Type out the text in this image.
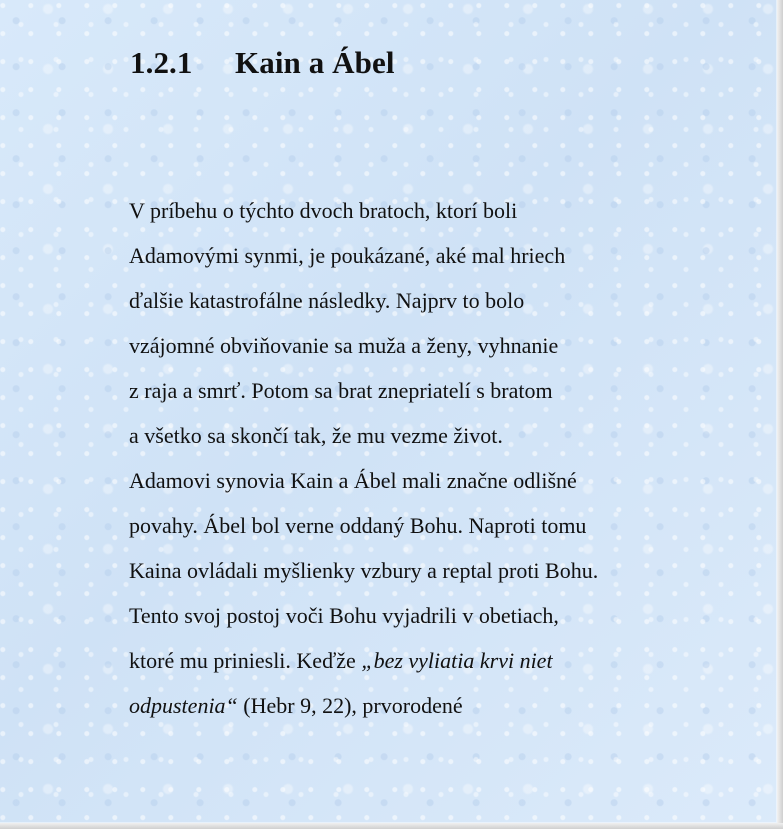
1.2.1 Kain a Ábel
V príbehu o týchto dvoch bratoch, ktorí boli
Adamovými synmi, je poukázané, aké mal hriech
ďalšie katastrofálne následky. Najprv to bolo
vzájomné obviňovanie sa muža a ženy, vyhnanie
z raja a smrť. Potom sa brat znepriatelí s bratom
a všetko sa skončí tak, že mu vezme život.
Adamovi synovia Kain a Ábel mali značne odlišné
povahy. Ábel bol verne oddaný Bohu. Naproti tomu
Kaina ovládali myšlienky vzbury a reptal proti Bohu.
Tento svoj postoj voči Bohu vyjadrili v obetiach,
ktoré mu priniesli. Keďže „bez vyliatia krvi niet
odpustenia“ (Hebr 9, 22), prvorodené
